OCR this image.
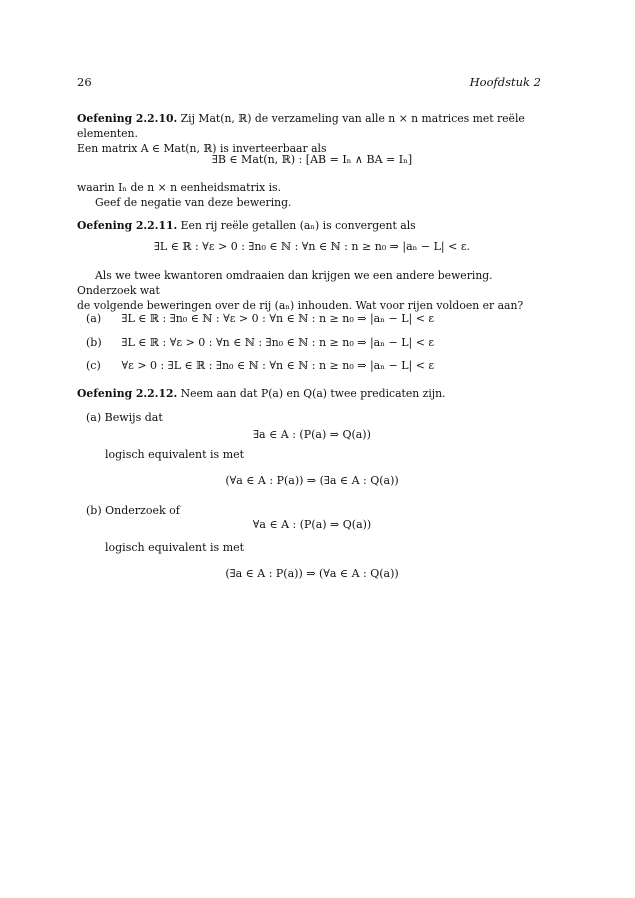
26	Hoofdstuk 2
Oefening 2.2.10. Zij Mat(n, ℝ) de verzameling van alle n × n matrices met reële elementen.
Een matrix A ∈ Mat(n, ℝ) is inverteerbaar als
∃B ∈ Mat(n, ℝ) : [AB = Iₙ ∧ BA = Iₙ]
waarin Iₙ de n × n eenheidsmatrix is.
Geef de negatie van deze bewering.
Oefening 2.2.11. Een rij reële getallen (aₙ) is convergent als
∃L ∈ ℝ : ∀ε > 0 : ∃n₀ ∈ ℕ : ∀n ∈ ℕ : n ≥ n₀ ⇒ |aₙ − L| < ε.
Als we twee kwantoren omdraaien dan krijgen we een andere bewering. Onderzoek wat
de volgende beweringen over de rij (aₙ) inhouden. Wat voor rijen voldoen er aan?
(a) ∃L ∈ ℝ : ∃n₀ ∈ ℕ : ∀ε > 0 : ∀n ∈ ℕ : n ≥ n₀ ⇒ |aₙ − L| < ε
(b) ∃L ∈ ℝ : ∀ε > 0 : ∀n ∈ ℕ : ∃n₀ ∈ ℕ : n ≥ n₀ ⇒ |aₙ − L| < ε
(c) ∀ε > 0 : ∃L ∈ ℝ : ∃n₀ ∈ ℕ : ∀n ∈ ℕ : n ≥ n₀ ⇒ |aₙ − L| < ε
Oefening 2.2.12. Neem aan dat P(a) en Q(a) twee predicaten zijn.
(a) Bewijs dat
∃a ∈ A : (P(a) ⇒ Q(a))
logisch equivalent is met
(∀a ∈ A : P(a)) ⇒ (∃a ∈ A : Q(a))
(b) Onderzoek of
∀a ∈ A : (P(a) ⇒ Q(a))
logisch equivalent is met
(∃a ∈ A : P(a)) ⇒ (∀a ∈ A : Q(a))
